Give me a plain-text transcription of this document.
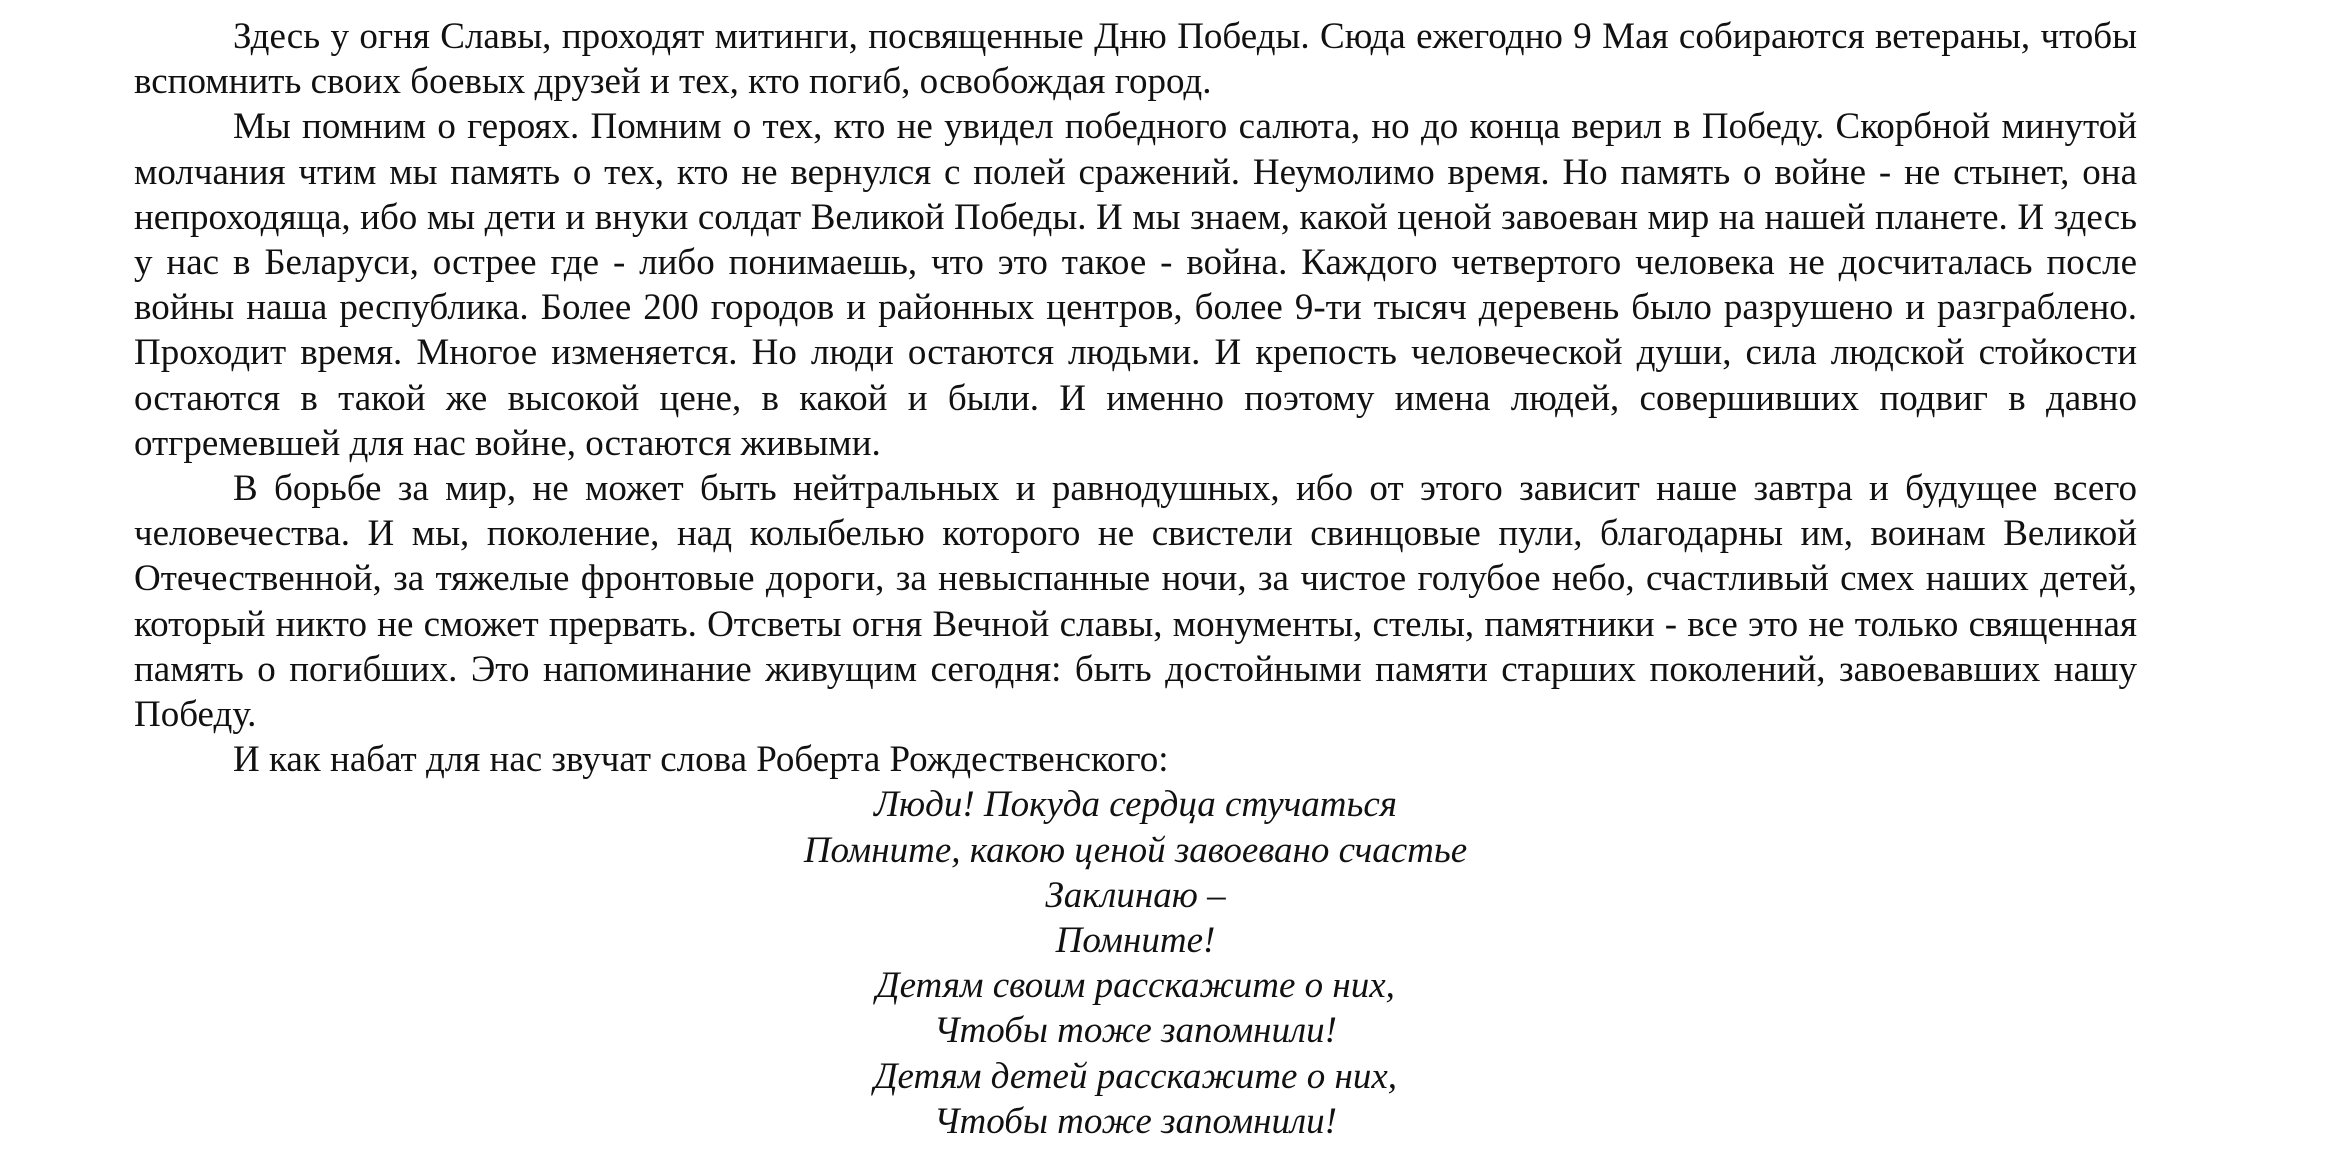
Здесь у огня Славы, проходят митинги, посвященные Дню Победы. Сюда ежегодно 9 Мая собираются ветераны, чтобы вспомнить своих боевых друзей и тех, кто погиб, освобождая город.

Мы помним о героях. Помним о тех, кто не увидел победного салюта, но до конца верил в Победу. Скорбной минутой молчания чтим мы память о тех, кто не вернулся с полей сражений. Неумолимо время. Но память о войне - не стынет, она непроходяща, ибо мы дети и внуки солдат Великой Победы. И мы знаем, какой ценой завоеван мир на нашей планете. И здесь у нас в Беларуси, острее где - либо понимаешь, что это такое - война. Каждого четвертого человека не досчиталась после войны наша республика. Более 200 городов и районных центров, более 9-ти тысяч деревень было разрушено и разграблено. Проходит время. Многое изменяется. Но люди остаются людьми. И крепость человеческой души, сила людской стойкости остаются в такой же высокой цене, в какой и были. И именно поэтому имена людей, совершивших подвиг в давно отгремевшей для нас войне, остаются живыми.

В борьбе за мир, не может быть нейтральных и равнодушных, ибо от этого зависит наше завтра и будущее всего человечества. И мы, поколение, над колыбелью которого не свистели свинцовые пули, благодарны им, воинам Великой Отечественной, за тяжелые фронтовые дороги, за невыспанные ночи, за чистое голубое небо, счастливый смех наших детей, который никто не сможет прервать. Отсветы огня Вечной славы, монументы, стелы, памятники - все это не только священная память о погибших. Это напоминание живущим сегодня: быть достойными памяти старших поколений, завоевавших нашу Победу.

И как набат для нас звучат слова Роберта Рождественского:

Люди! Покуда сердца стучаться

Помните, какою ценой завоевано счастье

Заклинаю –

Помните!

Детям своим расскажите о них,

Чтобы тоже запомнили!

Детям детей расскажите о них,

Чтобы тоже запомнили!
